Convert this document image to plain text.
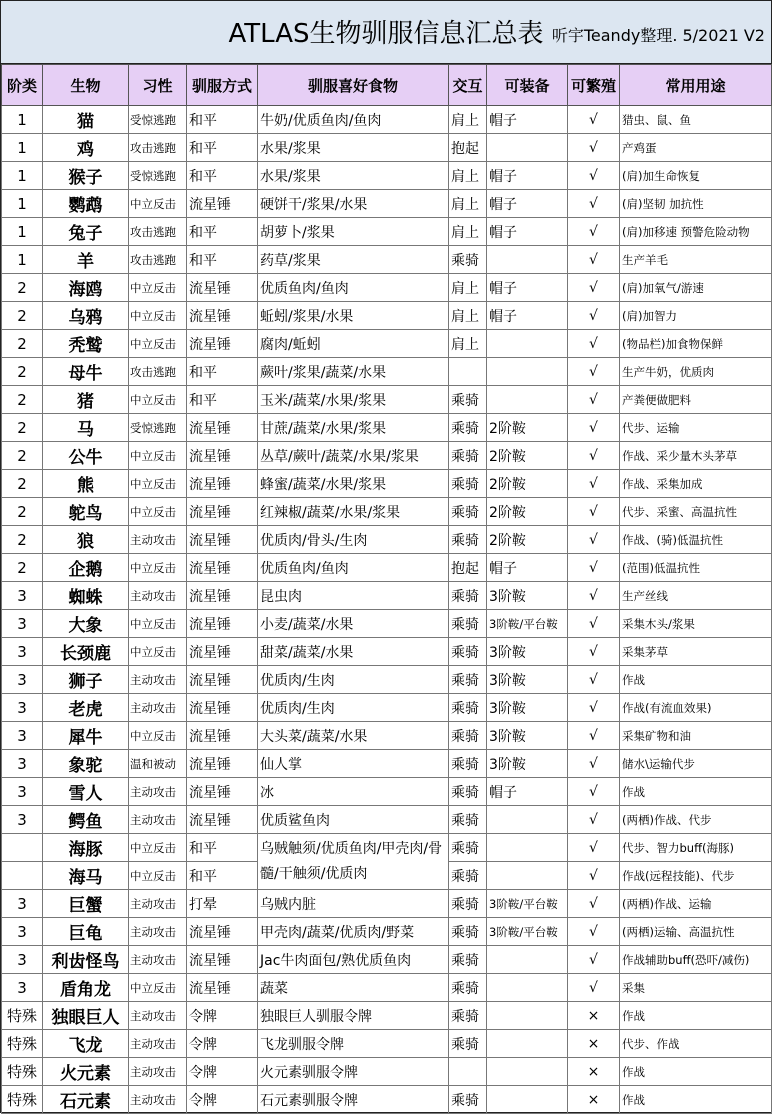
ATLAS生物驯服信息汇总表 听宇Teandy整理. 5/2021 V2
阶类	生物	习性	驯服方式	驯服喜好食物	交互	可装备	可繁殖	常用用途
1	猫	受惊逃跑	和平	牛奶/优质鱼肉/鱼肉	肩上	帽子	√	猎虫、鼠、鱼
1	鸡	攻击逃跑	和平	水果/浆果	抱起		√	产鸡蛋
1	猴子	受惊逃跑	和平	水果/浆果	肩上	帽子	√	(肩)加生命恢复
1	鹦鹉	中立反击	流星锤	硬饼干/浆果/水果	肩上	帽子	√	(肩)坚韧 加抗性
1	兔子	攻击逃跑	和平	胡萝卜/浆果	肩上	帽子	√	(肩)加移速 预警危险动物
1	羊	攻击逃跑	和平	药草/浆果	乘骑		√	生产羊毛
2	海鸥	中立反击	流星锤	优质鱼肉/鱼肉	肩上	帽子	√	(肩)加氧气/游速
2	乌鸦	中立反击	流星锤	蚯蚓/浆果/水果	肩上	帽子	√	(肩)加智力
2	秃鹫	中立反击	流星锤	腐肉/蚯蚓	肩上		√	(物品栏)加食物保鲜
2	母牛	攻击逃跑	和平	蕨叶/浆果/蔬菜/水果			√	生产牛奶，优质肉
2	猪	中立反击	和平	玉米/蔬菜/水果/浆果	乘骑		√	产粪便做肥料
2	马	受惊逃跑	流星锤	甘蔗/蔬菜/水果/浆果	乘骑	2阶鞍	√	代步、运输
2	公牛	中立反击	流星锤	丛草/蕨叶/蔬菜/水果/浆果	乘骑	2阶鞍	√	作战、采少量木头茅草
2	熊	中立反击	流星锤	蜂蜜/蔬菜/水果/浆果	乘骑	2阶鞍	√	作战、采集加成
2	鸵鸟	中立反击	流星锤	红辣椒/蔬菜/水果/浆果	乘骑	2阶鞍	√	代步、采蜜、高温抗性
2	狼	主动攻击	流星锤	优质肉/骨头/生肉	乘骑	2阶鞍	√	作战、(骑)低温抗性
2	企鹅	中立反击	流星锤	优质鱼肉/鱼肉	抱起	帽子	√	(范围)低温抗性
3	蜘蛛	主动攻击	流星锤	昆虫肉	乘骑	3阶鞍	√	生产丝线
3	大象	中立反击	流星锤	小麦/蔬菜/水果	乘骑	3阶鞍/平台鞍	√	采集木头/浆果
3	长颈鹿	中立反击	流星锤	甜菜/蔬菜/水果	乘骑	3阶鞍	√	采集茅草
3	狮子	主动攻击	流星锤	优质肉/生肉	乘骑	3阶鞍	√	作战
3	老虎	主动攻击	流星锤	优质肉/生肉	乘骑	3阶鞍	√	作战(有流血效果)
3	犀牛	中立反击	流星锤	大头菜/蔬菜/水果	乘骑	3阶鞍	√	采集矿物和油
3	象驼	温和被动	流星锤	仙人掌	乘骑	3阶鞍	√	储水\运输代步
3	雪人	主动攻击	流星锤	冰	乘骑	帽子	√	作战
3	鳄鱼	主动攻击	流星锤	优质鲨鱼肉	乘骑		√	(两栖)作战、代步
	海豚	中立反击	和平	乌贼触须/优质鱼肉/甲壳肉/骨髓/干触须/优质肉	乘骑		√	代步、智力buff(海豚)
	海马	中立反击	和平		乘骑		√	作战(远程技能)、代步
3	巨蟹	主动攻击	打晕	乌贼内脏	乘骑	3阶鞍/平台鞍	√	(两栖)作战、运输
3	巨龟	主动攻击	流星锤	甲壳肉/蔬菜/优质肉/野菜	乘骑	3阶鞍/平台鞍	√	(两栖)运输、高温抗性
3	利齿怪鸟	主动攻击	流星锤	Jac牛肉面包/熟优质鱼肉	乘骑		√	作战辅助buff(恐吓/减伤)
3	盾角龙	中立反击	流星锤	蔬菜	乘骑		√	采集
特殊	独眼巨人	主动攻击	令牌	独眼巨人驯服令牌	乘骑		×	作战
特殊	飞龙	主动攻击	令牌	飞龙驯服令牌	乘骑		×	代步、作战
特殊	火元素	主动攻击	令牌	火元素驯服令牌			×	作战
特殊	石元素	主动攻击	令牌	石元素驯服令牌	乘骑		×	作战
